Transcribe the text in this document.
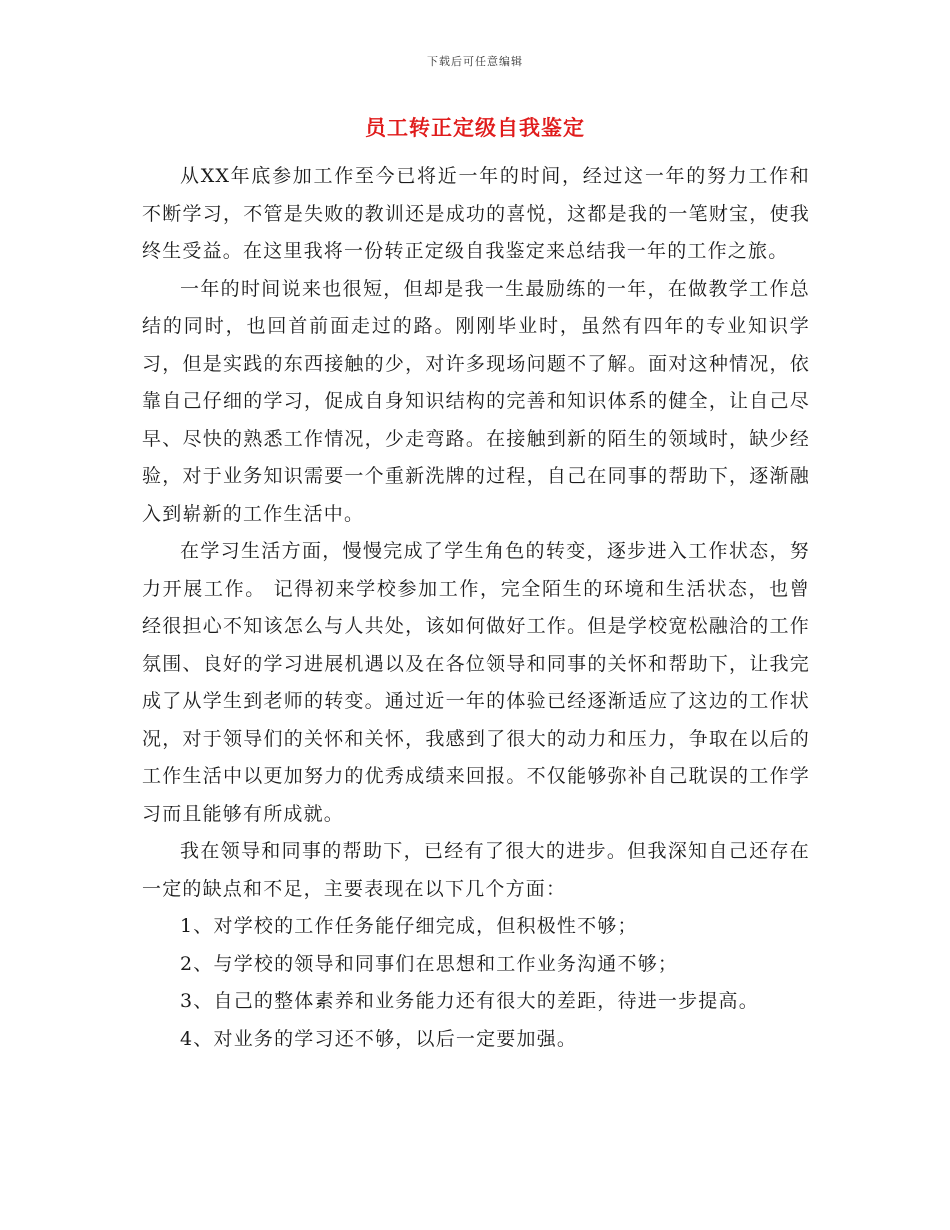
下载后可任意编辑
员工转正定级自我鉴定

从XX年底参加工作至今已将近一年的时间，经过这一年的努力工作和不断学习，不管是失败的教训还是成功的喜悦，这都是我的一笔财宝，使我终生受益。在这里我将一份转正定级自我鉴定来总结我一年的工作之旅。

一年的时间说来也很短，但却是我一生最励练的一年，在做教学工作总结的同时，也回首前面走过的路。刚刚毕业时，虽然有四年的专业知识学习，但是实践的东西接触的少，对许多现场问题不了解。面对这种情况，依靠自己仔细的学习，促成自身知识结构的完善和知识体系的健全，让自己尽早、尽快的熟悉工作情况，少走弯路。在接触到新的陌生的领域时，缺少经验，对于业务知识需要一个重新洗牌的过程，自己在同事的帮助下，逐渐融入到崭新的工作生活中。

在学习生活方面，慢慢完成了学生角色的转变，逐步进入工作状态，努力开展工作。 记得初来学校参加工作，完全陌生的环境和生活状态，也曾经很担心不知该怎么与人共处，该如何做好工作。但是学校宽松融洽的工作氛围、良好的学习进展机遇以及在各位领导和同事的关怀和帮助下，让我完成了从学生到老师的转变。通过近一年的体验已经逐渐适应了这边的工作状况，对于领导们的关怀和关怀，我感到了很大的动力和压力，争取在以后的工作生活中以更加努力的优秀成绩来回报。不仅能够弥补自己耽误的工作学习而且能够有所成就。

我在领导和同事的帮助下，已经有了很大的进步。但我深知自己还存在一定的缺点和不足，主要表现在以下几个方面：

1、对学校的工作任务能仔细完成，但积极性不够；

2、与学校的领导和同事们在思想和工作业务沟通不够；

3、自己的整体素养和业务能力还有很大的差距，待进一步提高。

4、对业务的学习还不够，以后一定要加强。
